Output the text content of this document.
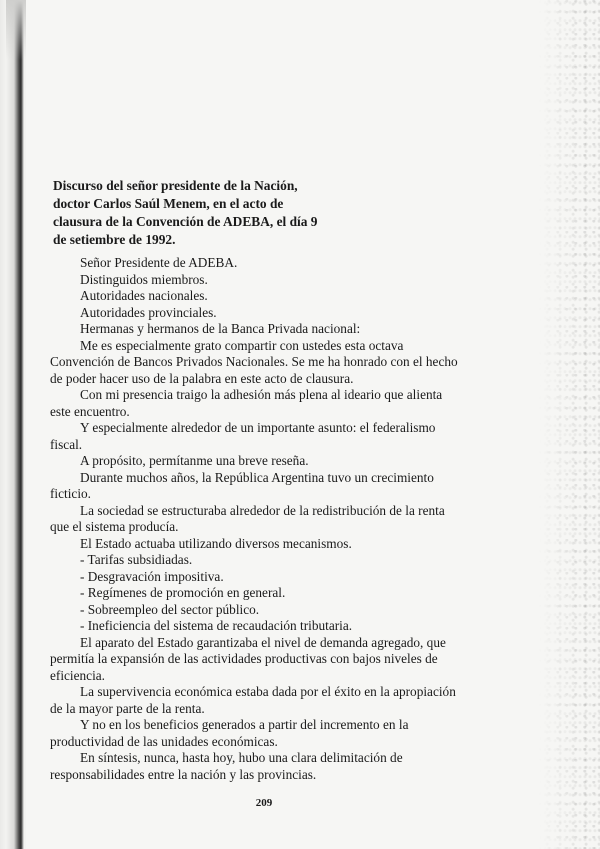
Discurso del señor presidente de la Nación,
doctor Carlos Saúl Menem, en el acto de
clausura de la Convención de ADEBA, el día 9
de setiembre de 1992.
Señor Presidente de ADEBA.
Distinguidos miembros.
Autoridades nacionales.
Autoridades provinciales.
Hermanas y hermanos de la Banca Privada nacional:
Me es especialmente grato compartir con ustedes esta octava
Convención de Bancos Privados Nacionales. Se me ha honrado con el hecho
de poder hacer uso de la palabra en este acto de clausura.
Con mi presencia traigo la adhesión más plena al ideario que alienta
este encuentro.
Y especialmente alrededor de un importante asunto: el federalismo
fiscal.
A propósito, permítanme una breve reseña.
Durante muchos años, la República Argentina tuvo un crecimiento
ficticio.
La sociedad se estructuraba alrededor de la redistribución de la renta
que el sistema producía.
El Estado actuaba utilizando diversos mecanismos.
- Tarifas subsidiadas.
- Desgravación impositiva.
- Regímenes de promoción en general.
- Sobreempleo del sector público.
- Ineficiencia del sistema de recaudación tributaria.
El aparato del Estado garantizaba el nivel de demanda agregado, que
permitía la expansión de las actividades productivas con bajos niveles de
eficiencia.
La supervivencia económica estaba dada por el éxito en la apropiación
de la mayor parte de la renta.
Y no en los beneficios generados a partir del incremento en la
productividad de las unidades económicas.
En síntesis, nunca, hasta hoy, hubo una clara delimitación de
responsabilidades entre la nación y las provincias.
209
